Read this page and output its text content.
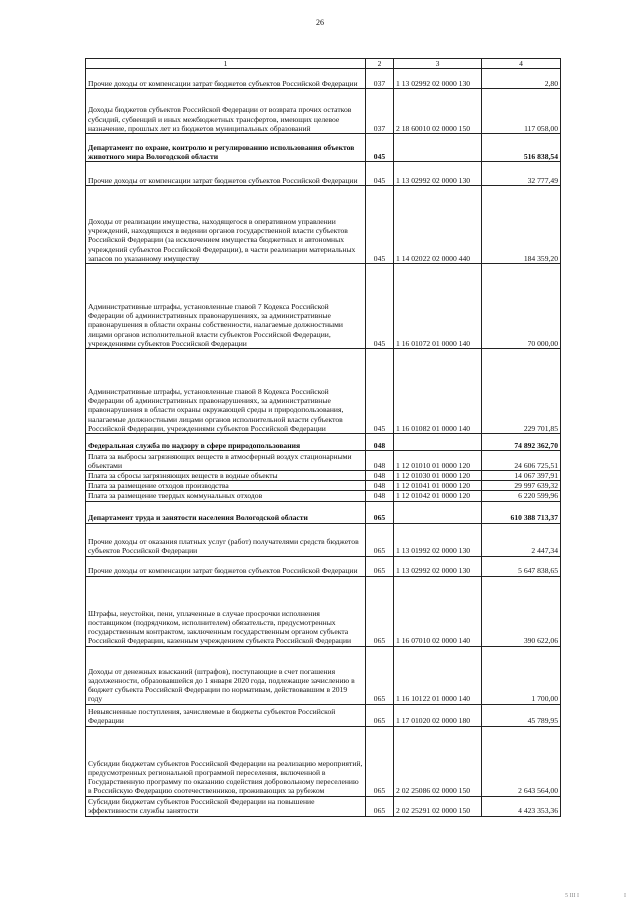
26
1	2	3	4
Прочие доходы от компенсации затрат бюджетов субъектов Российской Федерации	037	1 13 02992 02 0000 130	2,80
Доходы бюджетов субъектов Российской Федерации от возврата прочих остатков субсидий, субвенций и иных межбюджетных трансфертов, имеющих целевое назначение, прошлых лет из бюджетов муниципальных образований	037	2 18 60010 02 0000 150	117 058,00
Департамент по охране, контролю и регулированию использования объектов животного мира Вологодской области	045		516 838,54
Прочие доходы от компенсации затрат бюджетов субъектов Российской Федерации	045	1 13 02992 02 0000 130	32 777,49
Доходы от реализации имущества, находящегося в оперативном управлении учреждений, находящихся в ведении органов государственной власти субъектов Российской Федерации (за исключением имущества бюджетных и автономных учреждений субъектов Российской Федерации), в части реализации материальных запасов по указанному имуществу	045	1 14 02022 02 0000 440	184 359,20
Административные штрафы, установленные главой 7 Кодекса Российской Федерации об административных правонарушениях, за административные правонарушения в области охраны собственности, налагаемые должностными лицами органов исполнительной власти субъектов Российской Федерации, учреждениями субъектов Российской Федерации	045	1 16 01072 01 0000 140	70 000,00
Административные штрафы, установленные главой 8 Кодекса Российской Федерации об административных правонарушениях, за административные правонарушения в области охраны окружающей среды и природопользования, налагаемые должностными лицами органов исполнительной власти субъектов Российской Федерации, учреждениями субъектов Российской Федерации	045	1 16 01082 01 0000 140	229 701,85
Федеральная служба по надзору в сфере природопользования	048		74 892 362,70
Плата за выбросы загрязняющих веществ в атмосферный воздух стационарными объектами	048	1 12 01010 01 0000 120	24 606 725,51
Плата за сбросы загрязняющих веществ в водные объекты	048	1 12 01030 01 0000 120	14 067 397,91
Плата за размещение отходов производства	048	1 12 01041 01 0000 120	29 997 639,32
Плата за размещение твердых коммунальных отходов	048	1 12 01042 01 0000 120	6 220 599,96
Департамент труда и занятости населения Вологодской области	065		610 388 713,37
Прочие доходы от оказания платных услуг (работ) получателями средств бюджетов субъектов Российской Федерации	065	1 13 01992 02 0000 130	2 447,34
Прочие доходы от компенсации затрат бюджетов субъектов Российской Федерации	065	1 13 02992 02 0000 130	5 647 838,65
Штрафы, неустойки, пени, уплаченные в случае просрочки исполнения поставщиком (подрядчиком, исполнителем) обязательств, предусмотренных государственным контрактом, заключенным государственным органом субъекта Российской Федерации, казенным учреждением субъекта Российской Федерации	065	1 16 07010 02 0000 140	390 622,06
Доходы от денежных взысканий (штрафов), поступающие в счет погашения задолженности, образовавшейся до 1 января 2020 года, подлежащие зачислению в бюджет субъекта Российской Федерации по нормативам, действовавшим в 2019 году	065	1 16 10122 01 0000 140	1 700,00
Невыясненные поступления, зачисляемые в бюджеты субъектов Российской Федерации	065	1 17 01020 02 0000 180	45 789,95
Субсидии бюджетам субъектов Российской Федерации на реализацию мероприятий, предусмотренных региональной программой переселения, включенной в Государственную программу по оказанию содействия добровольному переселению в Российскую Федерацию соотечественников, проживающих за рубежом	065	2 02 25086 02 0000 150	2 643 564,00
Субсидии бюджетам субъектов Российской Федерации на повышение эффективности службы занятости	065	2 02 25291 02 0000 150	4 423 353,36
5 III I	I
